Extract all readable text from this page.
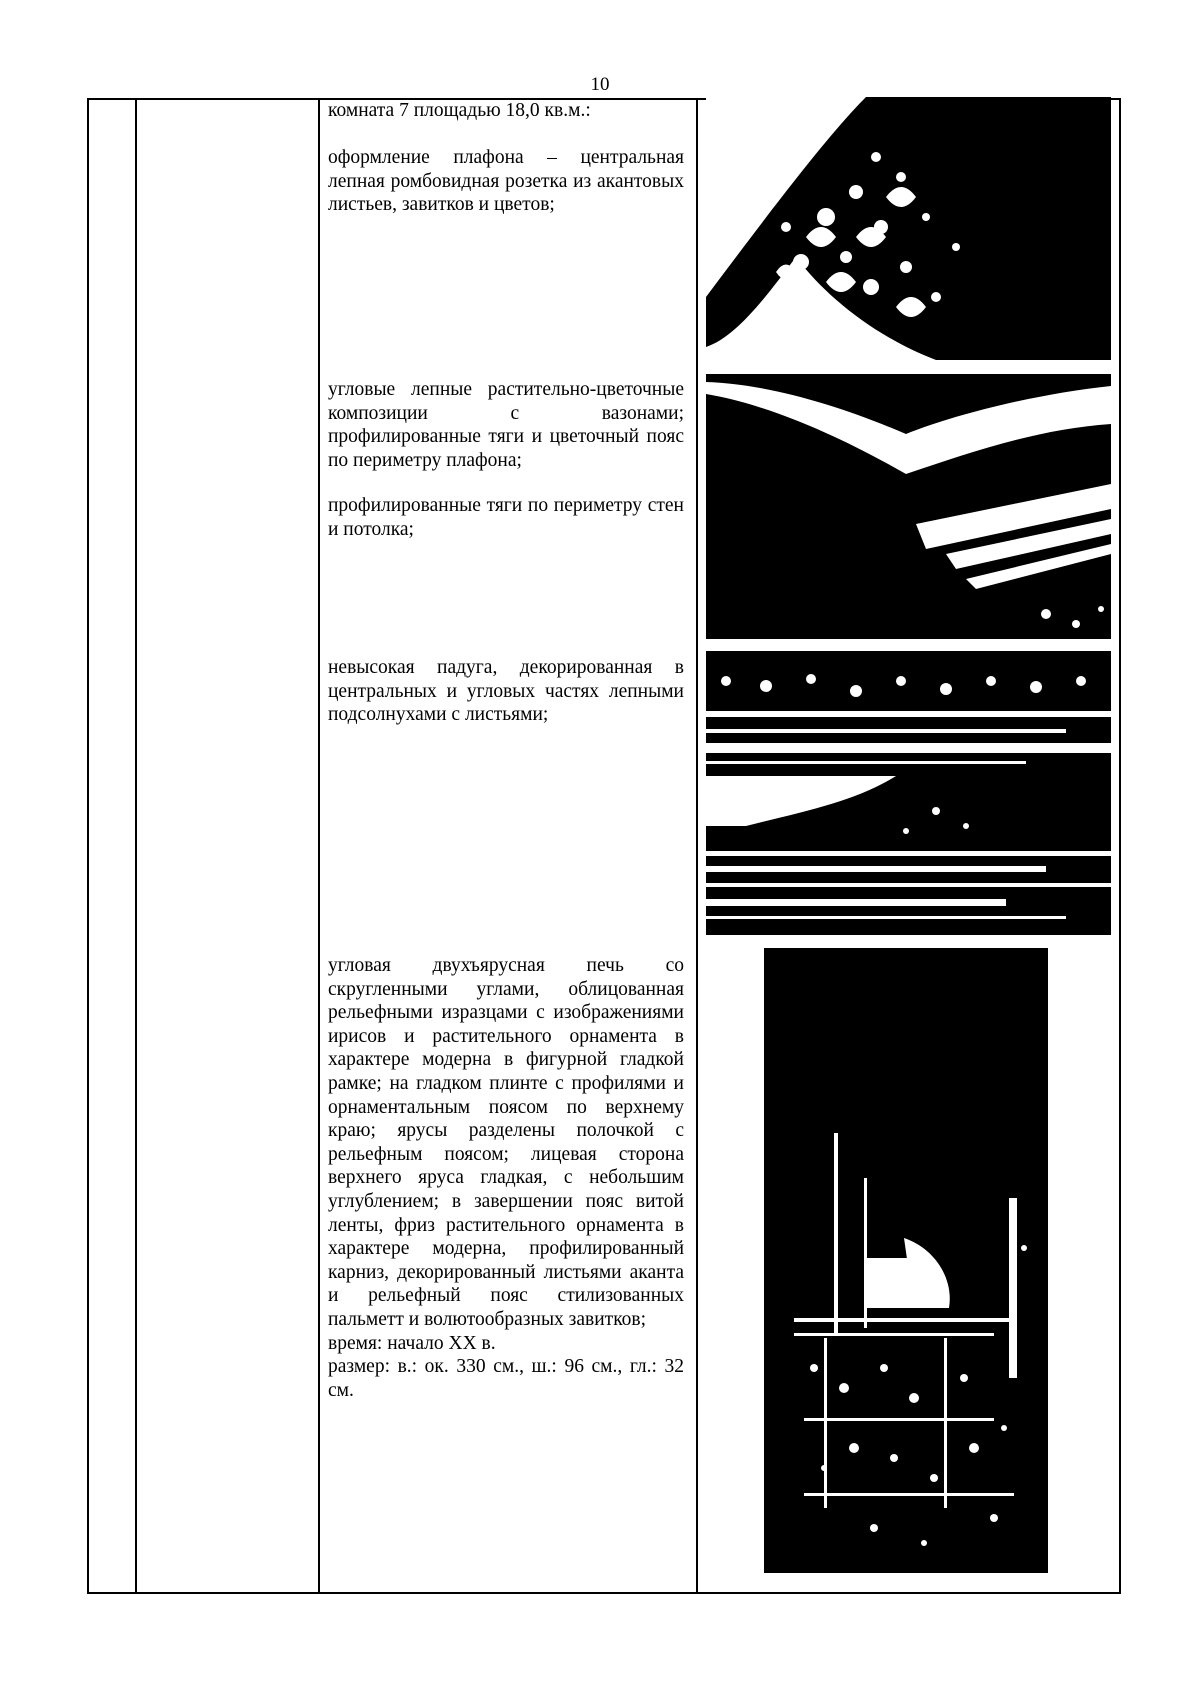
10

комната 7 площадью 18,0 кв.м.:

оформление плафона – центральная лепная ромбовидная розетка из акантовых листьев, завитков и цветов;

угловые лепные растительно-цветочные композиции с вазонами; профилированные тяги и цветочный пояс по периметру плафона;

профилированные тяги по периметру стен и потолка;

невысокая падуга, декорированная в центральных и угловых частях лепными подсолнухами с листьями;

угловая двухъярусная печь со скругленными углами, облицованная рельефными изразцами с изображениями ирисов и растительного орнамента в характере модерна в фигурной гладкой рамке; на гладком плинте с профилями и орнаментальным поясом по верхнему краю; ярусы разделены полочкой с рельефным поясом; лицевая сторона верхнего яруса гладкая, с небольшим углублением; в завершении пояс витой ленты, фриз растительного орнамента в характере модерна, профилированный карниз, декорированный листьями аканта и рельефный пояс стилизованных пальметт и волютообразных завитков;

время: начало XX в.

размер: в.: ок. 330 см., ш.: 96 см., гл.: 32 см.
